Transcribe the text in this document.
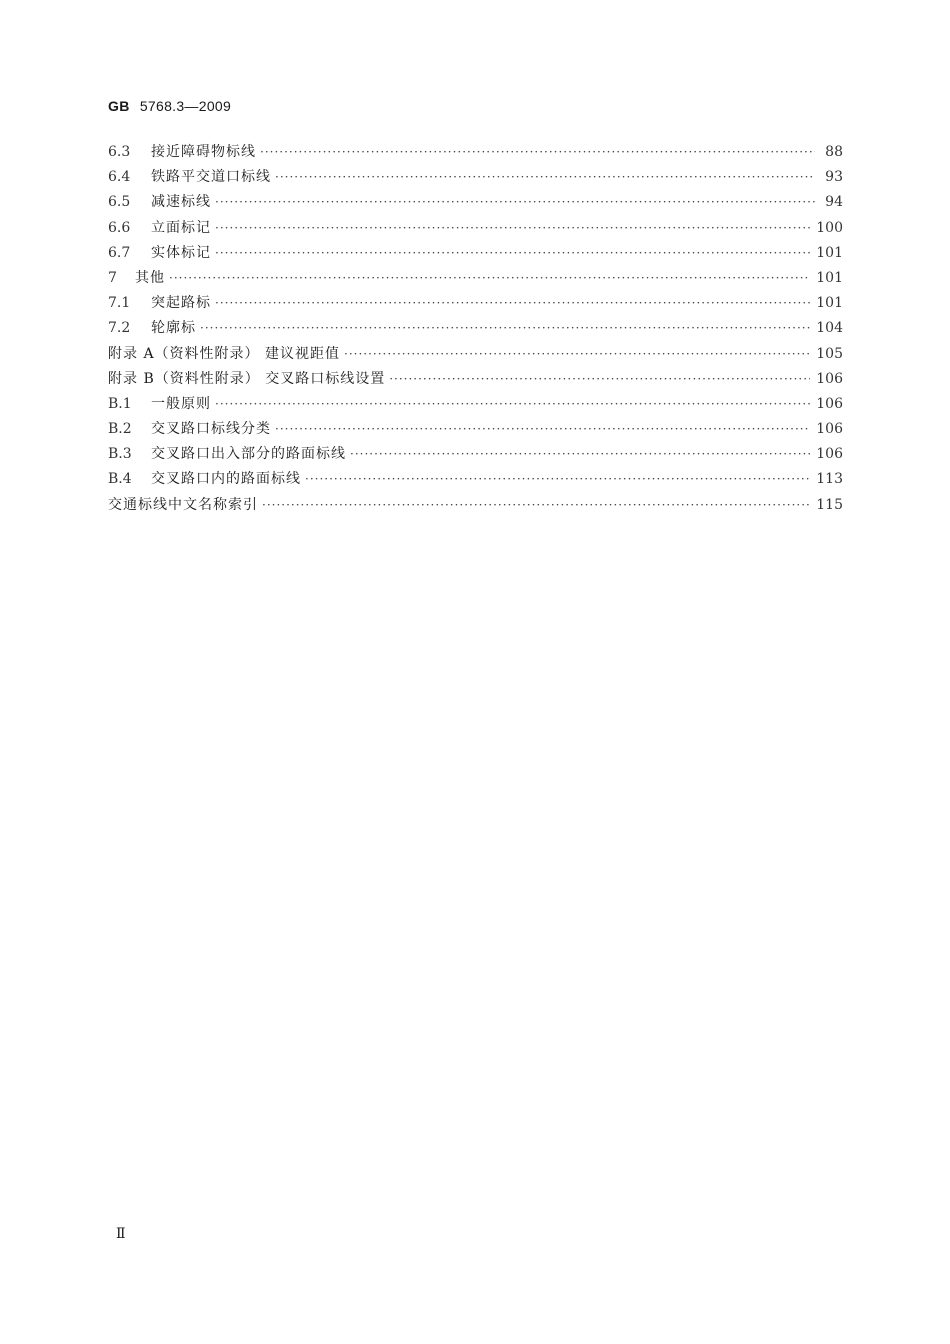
GB 5768.3—2009
6.3	接近障碍物标线 ·····	88
6.4	铁路平交道口标线 ·····	93
6.5	减速标线 ·····	94
6.6	立面标记 ·····	100
6.7	实体标记 ·····	101
7	其他 ·····	101
7.1	突起路标 ·····	101
7.2	轮廓标 ·····	104
附录 A（资料性附录） 建议视距值 ·····	105
附录 B（资料性附录） 交叉路口标线设置 ·····	106
B.1	一般原则 ·····	106
B.2	交叉路口标线分类 ·····	106
B.3	交叉路口出入部分的路面标线 ·····	106
B.4	交叉路口内的路面标线 ·····	113
交通标线中文名称索引 ·····	115
Ⅱ
